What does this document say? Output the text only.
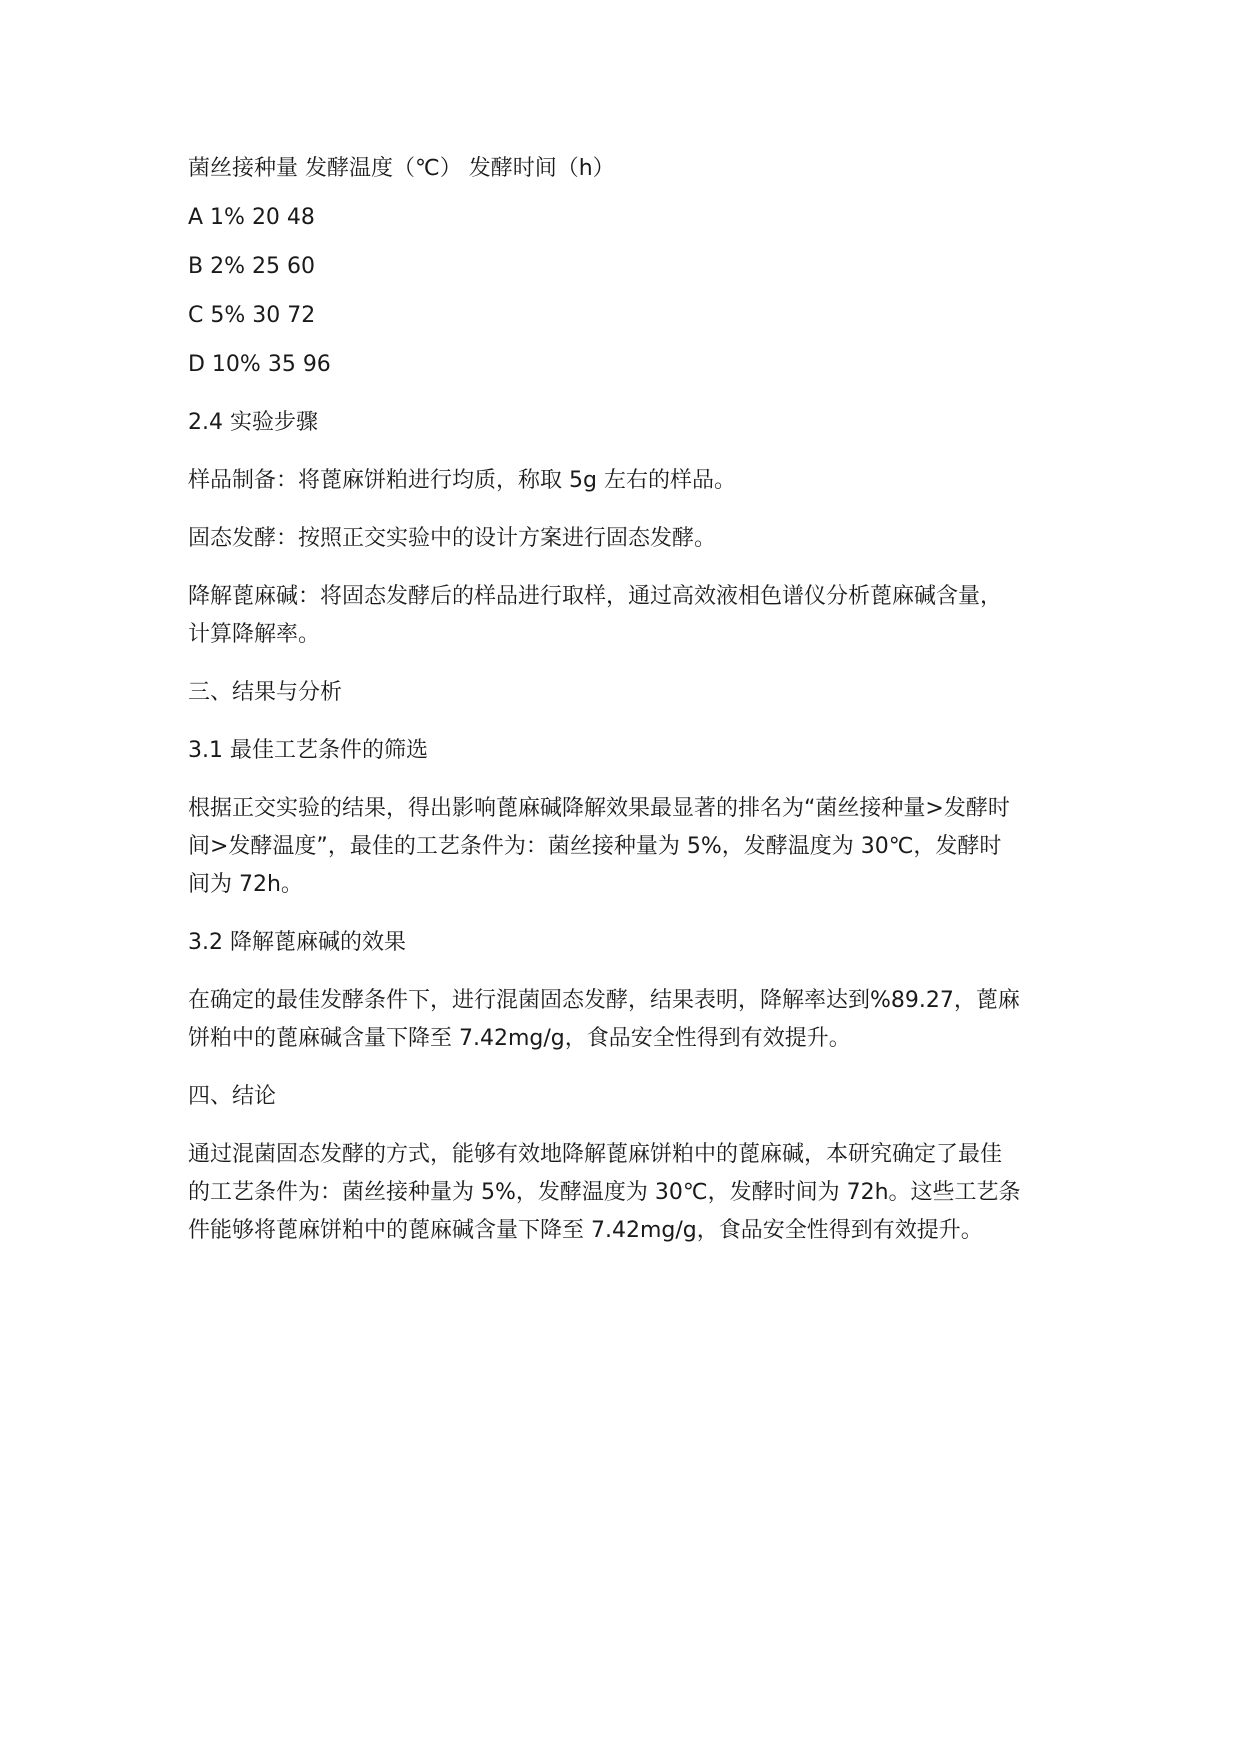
菌丝接种量 发酵温度（℃） 发酵时间（h）

A 1% 20 48

B 2% 25 60

C 5% 30 72

D 10% 35 96

2.4 实验步骤

样品制备：将蓖麻饼粕进行均质，称取 5g 左右的样品。

固态发酵：按照正交实验中的设计方案进行固态发酵。

降解蓖麻碱：将固态发酵后的样品进行取样，通过高效液相色谱仪分析蓖麻碱含量，
计算降解率。

三、结果与分析

3.1 最佳工艺条件的筛选

根据正交实验的结果，得出影响蓖麻碱降解效果最显著的排名为“菌丝接种量>发酵时
间>发酵温度”，最佳的工艺条件为：菌丝接种量为 5%，发酵温度为 30℃，发酵时
间为 72h。

3.2 降解蓖麻碱的效果

在确定的最佳发酵条件下，进行混菌固态发酵，结果表明，降解率达到%89.27，蓖麻
饼粕中的蓖麻碱含量下降至 7.42mg/g，食品安全性得到有效提升。

四、结论

通过混菌固态发酵的方式，能够有效地降解蓖麻饼粕中的蓖麻碱，本研究确定了最佳
的工艺条件为：菌丝接种量为 5%，发酵温度为 30℃，发酵时间为 72h。这些工艺条
件能够将蓖麻饼粕中的蓖麻碱含量下降至 7.42mg/g，食品安全性得到有效提升。
